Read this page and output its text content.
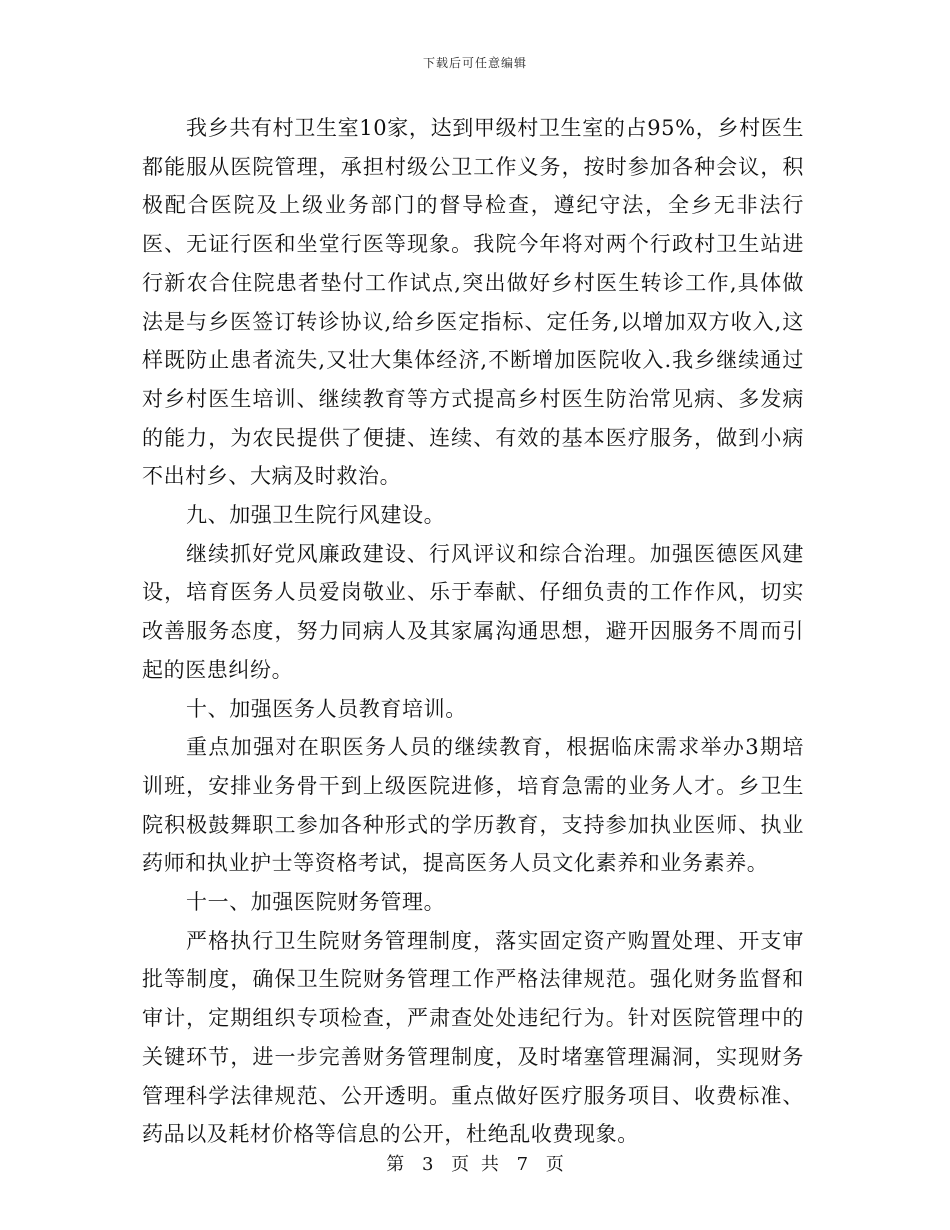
下载后可任意编辑

我乡共有村卫生室10家，达到甲级村卫生室的占95%，乡村医生都能服从医院管理，承担村级公卫工作义务，按时参加各种会议，积极配合医院及上级业务部门的督导检查，遵纪守法，全乡无非法行医、无证行医和坐堂行医等现象。我院今年将对两个行政村卫生站进行新农合住院患者垫付工作试点,突出做好乡村医生转诊工作,具体做法是与乡医签订转诊协议,给乡医定指标、定任务,以增加双方收入,这样既防止患者流失,又壮大集体经济,不断增加医院收入.我乡继续通过对乡村医生培训、继续教育等方式提高乡村医生防治常见病、多发病的能力，为农民提供了便捷、连续、有效的基本医疗服务，做到小病不出村乡、大病及时救治。

九、加强卫生院行风建设。

继续抓好党风廉政建设、行风评议和综合治理。加强医德医风建设，培育医务人员爱岗敬业、乐于奉献、仔细负责的工作作风，切实改善服务态度，努力同病人及其家属沟通思想，避开因服务不周而引起的医患纠纷。

十、加强医务人员教育培训。

重点加强对在职医务人员的继续教育，根据临床需求举办3期培训班，安排业务骨干到上级医院进修，培育急需的业务人才。乡卫生院积极鼓舞职工参加各种形式的学历教育，支持参加执业医师、执业药师和执业护士等资格考试，提高医务人员文化素养和业务素养。

十一、加强医院财务管理。

严格执行卫生院财务管理制度，落实固定资产购置处理、开支审批等制度，确保卫生院财务管理工作严格法律规范。强化财务监督和审计，定期组织专项检查，严肃查处处违纪行为。针对医院管理中的关键环节，进一步完善财务管理制度，及时堵塞管理漏洞，实现财务管理科学法律规范、公开透明。重点做好医疗服务项目、收费标准、药品以及耗材价格等信息的公开，杜绝乱收费现象。

第 3 页 共 7 页
